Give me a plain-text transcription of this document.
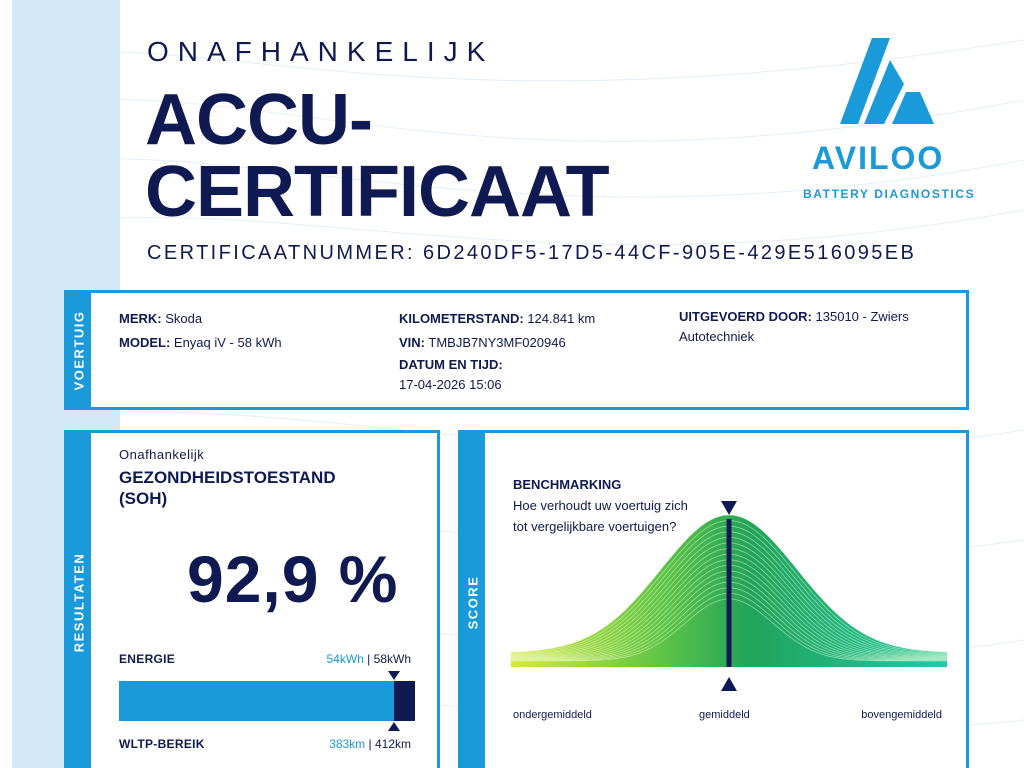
ONAFHANKELIJK
ACCU-
CERTIFICAAT
CERTIFICAATNUMMER: 6D240DF5-17D5-44CF-905E-429E516095EB
AVILOO
BATTERY DIAGNOSTICS
VOERTUIG	MERK: Skoda
MODEL: Enyaq iV - 58 kWh
KILOMETERSTAND: 124.841 km
VIN: TMBJB7NY3MF020946
DATUM EN TIJD:
17-04-2026 15:06
UITGEVOERD DOOR: 135010 - Zwiers
Autotechniek
RESULTATEN
Onafhankelijk
GEZONDHEIDSTOESTAND
(SOH)
92,9 %
ENERGIE	54kWh | 58kWh
WLTP-BEREIK	383km | 412km
SCORE
BENCHMARKING
Hoe verhoudt uw voertuig zich tot vergelijkbare voertuigen?
ondergemiddeld	gemiddeld	bovengemiddeld
